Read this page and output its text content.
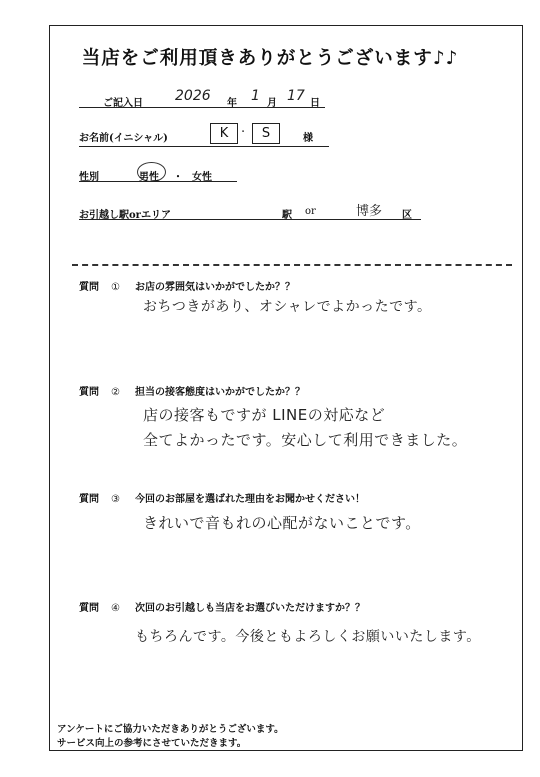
当店をご利用頂きありがとうございます♪♪
ご記入日 2026 年 1 月 17 日
お名前(イニシャル)	K ·	S	様
性別	男性 ・ 女性
お引越し駅orエリア	駅 or	博多 区
質問 ① お店の雰囲気はいかがでしたか？？
おちつきがあり、オシャレでよかったです。
質問 ② 担当の接客態度はいかがでしたか？？
店の接客もですが LINEの対応など
全てよかったです。安心して利用できました。
質問 ③ 今回のお部屋を選ばれた理由をお聞かせください！
きれいで音もれの心配がないことです。
質問 ④ 次回のお引越しも当店をお選びいただけますか？？
もちろんです。今後ともよろしくお願いいたします。
アンケートにご協力いただきありがとうございます。
サービス向上の参考にさせていただきます。
